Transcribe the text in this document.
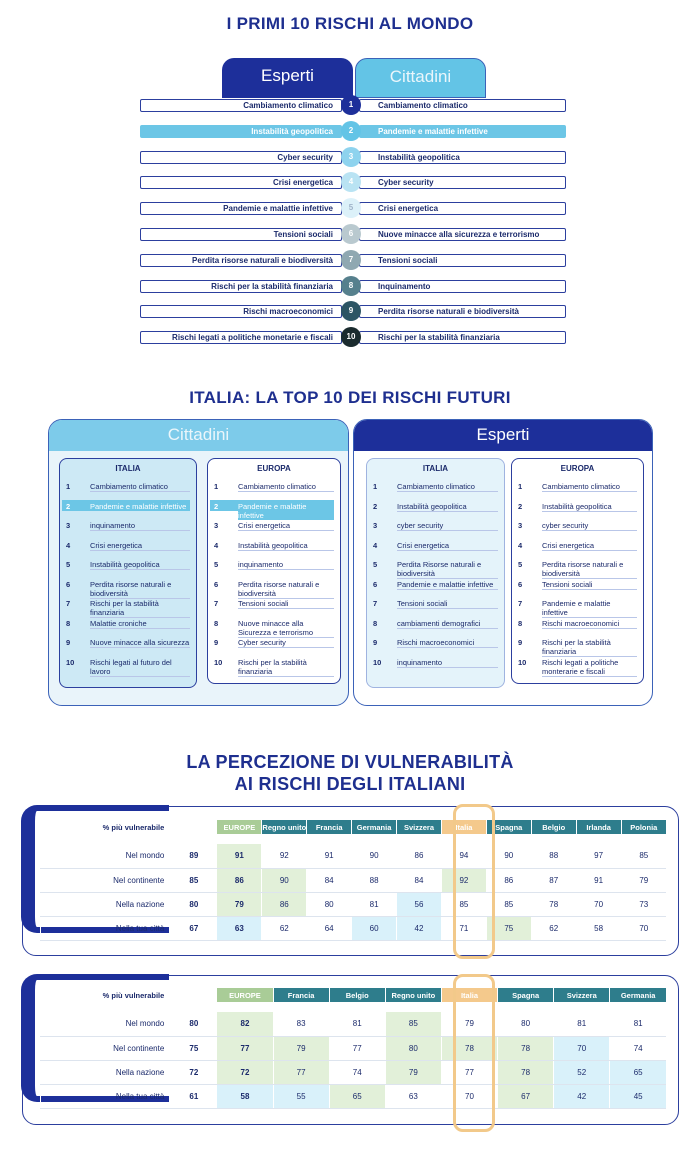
I PRIMI 10 RISCHI AL MONDO
Esperti	Cittadini
Cambiamento climatico	Cambiamento climatico
1
Instabilità geopolitica	Pandemie e malattie infettive
2
Cyber security	Instabilità geopolitica
3
Crisi energetica	Cyber security
4
Pandemie e malattie infettive	Crisi energetica
5
Tensioni sociali	Nuove minacce alla sicurezza e terrorismo
6
Perdita risorse naturali e biodiversità	Tensioni sociali
7
Rischi per la stabilità finanziaria	Inquinamento
8
Rischi macroeconomici	Perdita risorse naturali e biodiversità
9
Rischi legati a politiche monetarie e fiscali	Rischi per la stabilità finanziaria
10
ITALIA: LA TOP 10 DEI RISCHI FUTURI
Cittadini
ITALIA
1	Cambiamento climatico
2	Pandemie e malattie infettive
3	inquinamento
4	Crisi energetica
5	Instabilità geopolitica
6	Perdita risorse naturali e biodiversità
7	Rischi per la stabilità finanziaria
8	Malattie croniche
9	Nuove minacce alla sicurezza
10 Rischi legati al futuro del lavoro
EUROPA
1	Cambiamento climatico
2	Pandemie e malattie infettive
3	Crisi energetica
4	Instabilità geopolitica
5	inquinamento
6	Perdita risorse naturali e biodiversità
7	Tensioni sociali
8	Nuove minacce alla Sicurezza e terrorismo
9	Cyber security
10 Rischi per la stabilità finanziaria
Esperti
ITALIA
1	Cambiamento climatico
2	Instabilità geopolitica
3	cyber security
4	Crisi energetica
5	Perdita Risorse naturali e biodiversità
6	Pandemie e malattie infettive
7	Tensioni sociali
8	cambiamenti demografici
9	Rischi macroeconomici
10 inquinamento
EUROPA
1	Cambiamento climatico
2	Instabilità geopolitica
3	cyber security
4	Crisi energetica
5	Perdita risorse naturali e biodiversità
6	Tensioni sociali
7	Pandemie e malattie infettive
8	Rischi macroeconomici
9	Rischi per la stabilità finanziaria
10 Rischi legati a politiche monterarie e fiscali
LA PERCEZIONE DI VULNERABILITÀ
AI RISCHI DEGLI ITALIANI
% più vulnerabile		EUROPE	Regno unito	Francia	Germania	Svizzera	Italia	Spagna	Belgio	Irlanda	Polonia

Nel mondo	89	91	92	91	90	86	94	90	88	97	85
Nel continente	85	86	90	84	88	84	92	86	87	91	79
Nella nazione	80	79	86	80	81	56	85	85	78	70	73
Nella tua città	67	63	62	64	60	42	71	75	62	58	70
% più vulnerabile		EUROPE	Francia	Belgio	Regno unito	Italia	Spagna	Svizzera	Germania

Nel mondo	80	82	83	81	85	79	80	81	81
Nel continente	75	77	79	77	80	78	78	70	74
Nella nazione	72	72	77	74	79	77	78	52	65
Nella tua città	61	58	55	65	63	70	67	42	45
